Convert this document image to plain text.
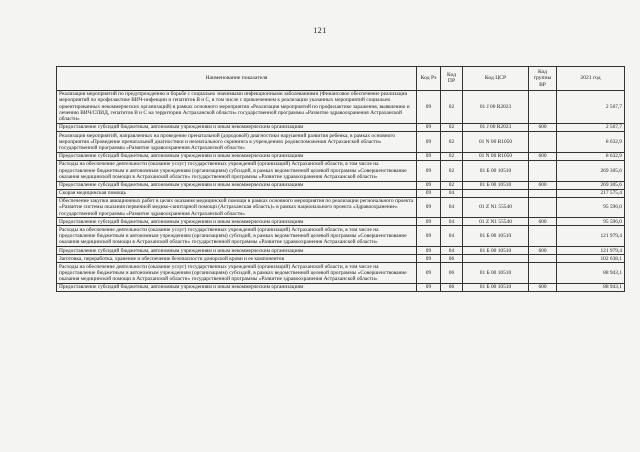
121
Наименование показателя	Код Рз	Код ПР	Код ЦСР	Код группы ВР	2021 год
Реализация мероприятий по предупреждению и борьбе с социально значимыми инфекционными заболеваниями (Финансовое обеспечение реализации мероприятий по профилактике ВИЧ-инфекции и гепатитов В и С, в том числе с привлечением к реализации указанных мероприятий социально ориентированных некоммерческих организаций) в рамках основного мероприятия «Реализация мероприятий по профилактике заражения, выявлению и лечению ВИЧ/СПИД, гепатитов В и С на территории Астраханской области» государственной программы «Развитие здравоохранения Астраханской области»	09	02	01 J 00 R2023		2 567,7
Предоставление субсидий бюджетным, автономным учреждениям и иным некоммерческим организациям	09	02	01 J 00 R2023	600	2 567,7
Реализация мероприятий, направленных на проведение пренатальной (дородовой) диагностики нарушений развития ребенка, в рамках основного мероприятия «Проведение пренатальной диагностики и неонатального скрининга в учреждениях родовспоможения Астраханской области» государственной программы «Развитие здравоохранения Астраханской области»	09	02	01 N 00 R1050		8 632,9
Предоставление субсидий бюджетным, автономным учреждениям и иным некоммерческим организациям	09	02	01 N 00 R1050	600	8 632,9
Расходы на обеспечение деятельности (оказание услуг) государственных учреждений (организаций) Астраханской области, в том числе на предоставление бюджетным и автономным учреждениям (организациям) субсидий, в рамках ведомственной целевой программы «Совершенствование оказания медицинской помощи в Астраханской области» государственной программы «Развитие здравоохранения Астраханской области»	09	02	01 Б 00 10510		269 305,6
Предоставление субсидий бюджетным, автономным учреждениям и иным некоммерческим организациям	09	02	01 Б 00 10510	600	269 305,6
Скорая медицинская помощь	09	04			217 575,4
Обеспечение закупки авиационных работ в целях оказания медицинской помощи в рамках основного мероприятия по реализации регионального проекта «Развитие системы оказания первичной медико-санитарной помощи (Астраханская область)» в рамках национального проекта «Здравоохранение» государственной программы «Развитие здравоохранения Астраханской области»	09	04	01 Z N1 55540		95 596,0
Предоставление субсидий бюджетным, автономным учреждениям и иным некоммерческим организациям	09	04	01 Z N1 55540	600	95 596,0
Расходы на обеспечение деятельности (оказание услуг) государственных учреждений (организаций) Астраханской области, в том числе на предоставление бюджетным и автономным учреждениям (организациям) субсидий, в рамках ведомственной целевой программы «Совершенствование оказания медицинской помощи в Астраханской области» государственной программы «Развитие здравоохранения Астраханской области»	09	04	01 Б 00 10510		121 979,4
Предоставление субсидий бюджетным, автономным учреждениям и иным некоммерческим организациям	09	04	01 Б 00 10510	600	121 979,4
Заготовка, переработка, хранение и обеспечение безопасности донорской крови и ее компонентов	09	06			102 638,1
Расходы на обеспечение деятельности (оказание услуг) государственных учреждений (организаций) Астраханской области, в том числе на предоставление бюджетным и автономным учреждениям (организациям) субсидий, в рамках ведомственной целевой программы «Совершенствование оказания медицинской помощи в Астраханской области» государственной программы «Развитие здравоохранения Астраханской области»	09	06	01 Б 00 10510		88 943,1
Предоставление субсидий бюджетным, автономным учреждениям и иным некоммерческим организациям	09	06	01 Б 00 10510	600	88 943,1
